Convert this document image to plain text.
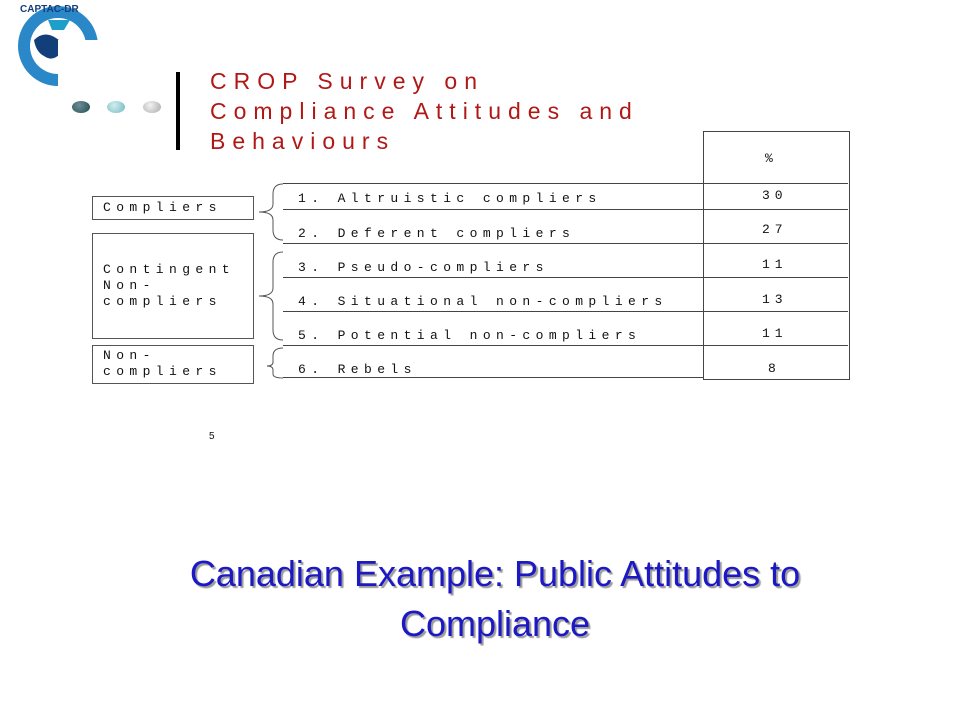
CAPTAC-DR
CROP Survey on
Compliance Attitudes and
Behaviours
%
Compliers
Contingent
Non-
compliers
Non-
compliers
1. Altruistic compliers	30
2. Deferent compliers	27
3. Pseudo-compliers	11
4. Situational non-compliers	13
5. Potential non-compliers	11
6. Rebels	8
5
Canadian Example: Public Attitudes to
Compliance
